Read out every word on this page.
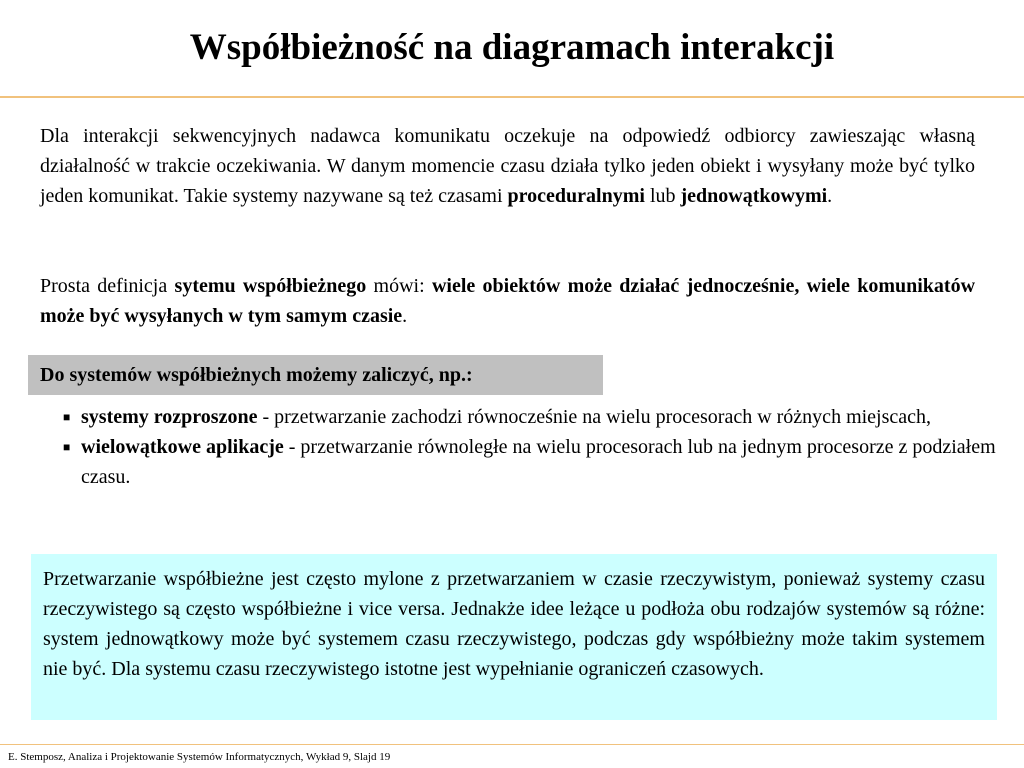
Współbieżność na diagramach interakcji

Dla interakcji sekwencyjnych nadawca komunikatu oczekuje na odpowiedź odbiorcy zawieszając własną działalność w trakcie oczekiwania. W danym momencie czasu działa tylko jeden obiekt i wysyłany może być tylko jeden komunikat. Takie systemy nazywane są też czasami proceduralnymi lub jednowątkowymi.

Prosta definicja sytemu współbieżnego mówi: wiele obiektów może działać jednocześnie, wiele komunikatów może być wysyłanych w tym samym czasie.

Do systemów współbieżnych możemy zaliczyć, np.:
■ systemy rozproszone - przetwarzanie zachodzi równocześnie na wielu procesorach w różnych miejscach,
■ wielowątkowe aplikacje - przetwarzanie równoległe na wielu procesorach lub na jednym procesorze z podziałem czasu.

Przetwarzanie współbieżne jest często mylone z przetwarzaniem w czasie rzeczywistym, ponieważ systemy czasu rzeczywistego są często współbieżne i vice versa. Jednakże idee leżące u podłoża obu rodzajów systemów są różne: system jednowątkowy może być systemem czasu rzeczywistego, podczas gdy współbieżny może takim systemem nie być. Dla systemu czasu rzeczywistego istotne jest wypełnianie ograniczeń czasowych.

E. Stemposz, Analiza i Projektowanie Systemów Informatycznych, Wykład 9, Slajd 19
